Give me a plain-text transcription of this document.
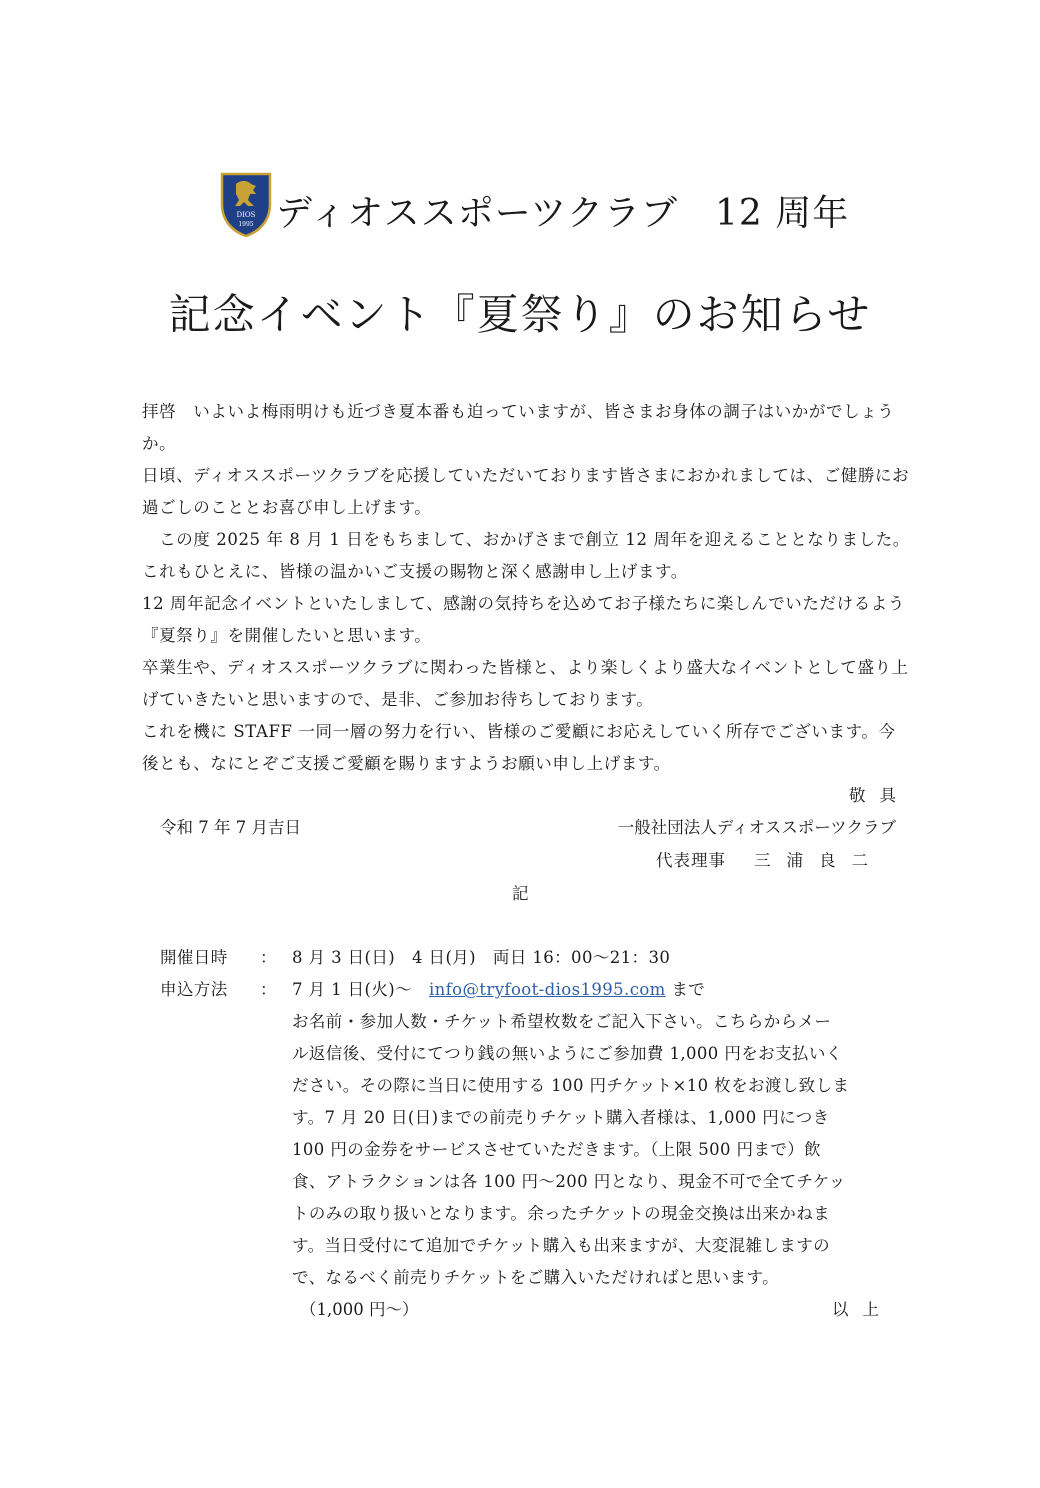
DIOS
1995 ディオススポーツクラブ　12 周年
記念イベント『夏祭り』のお知らせ

拝啓　いよいよ梅雨明けも近づき夏本番も迫っていますが、皆さまお身体の調子はいかがでしょうか。

日頃、ディオススポーツクラブを応援していただいております皆さまにおかれましては、ご健勝にお過ごしのこととお喜び申し上げます。

　この度 2025 年 8 月 1 日をもちまして、おかげさまで創立 12 周年を迎えることとなりました。これもひとえに、皆様の温かいご支援の賜物と深く感謝申し上げます。

12 周年記念イベントといたしまして、感謝の気持ちを込めてお子様たちに楽しんでいただけるよう『夏祭り』を開催したいと思います。

卒業生や、ディオススポーツクラブに関わった皆様と、より楽しくより盛大なイベントとして盛り上げていきたいと思いますので、是非、ご参加お待ちしております。

これを機に STAFF 一同一層の努力を行い、皆様のご愛顧にお応えしていく所存でございます。今後とも、なにとぞご支援ご愛顧を賜りますようお願い申し上げます。

敬具

令和 7 年 7 月吉日	一般社団法人ディオススポーツクラブ
代表理事 三浦良二
記
開催日時 ： 8 月 3 日(日)　4 日(月)　両日 16：00～21：30
申込方法 ： 7 月 1 日(火)～ info@tryfoot-dios1995.com まで
お名前・参加人数・チケット希望枚数をご記入下さい。こちらからメー
ル返信後、受付にてつり銭の無いようにご参加費 1,000 円をお支払いく
ださい。その際に当日に使用する 100 円チケット×10 枚をお渡し致しま
す。7 月 20 日(日)までの前売りチケット購入者様は、1,000 円につき
100 円の金券をサービスさせていただきます。（上限 500 円まで）飲
食、アトラクションは各 100 円～200 円となり、現金不可で全てチケッ
トのみの取り扱いとなります。余ったチケットの現金交換は出来かねま
す。当日受付にて追加でチケット購入も出来ますが、大変混雑しますの
で、なるべく前売りチケットをご購入いただければと思います。
（1,000 円～）	以上
